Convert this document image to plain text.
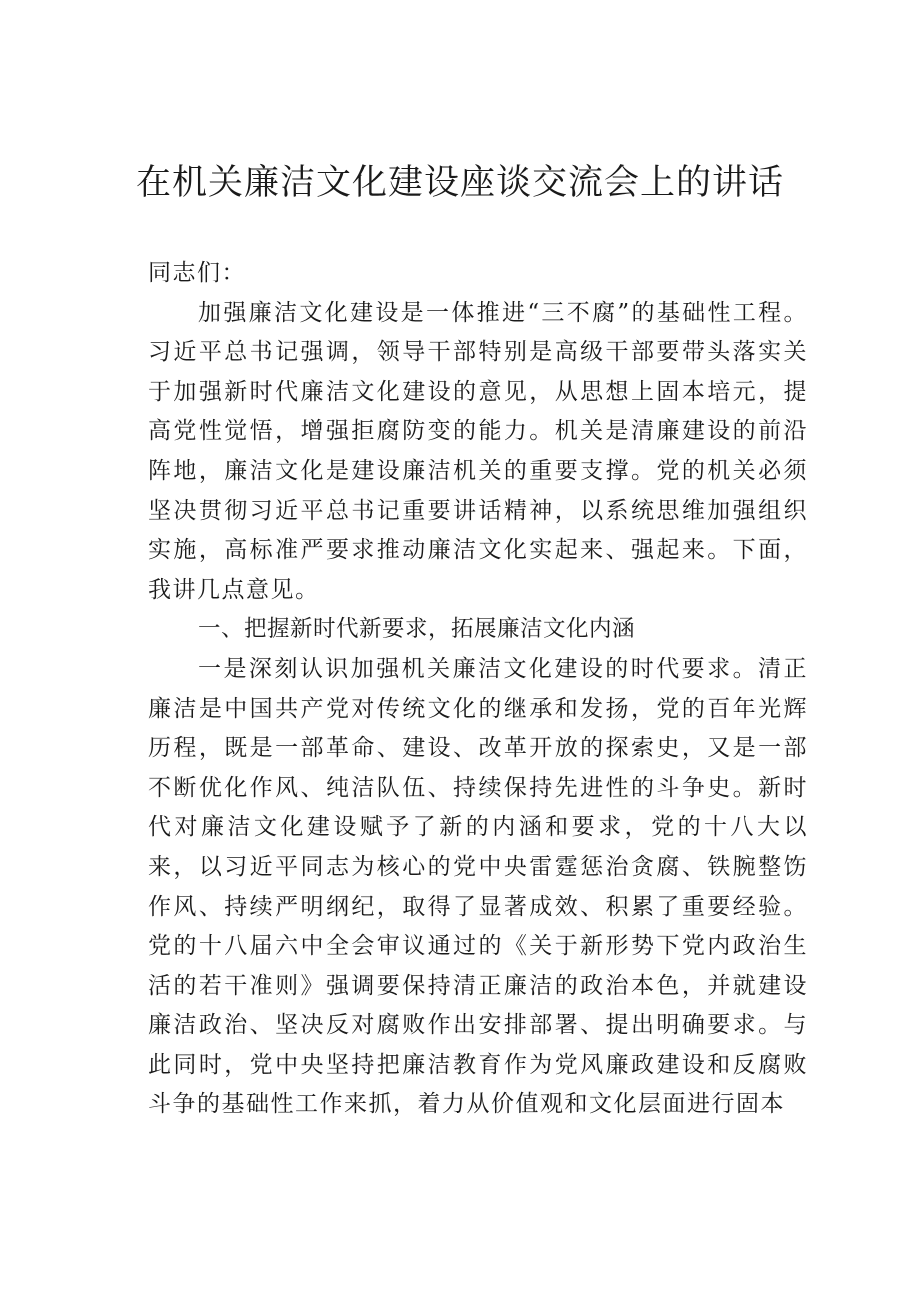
在机关廉洁文化建设座谈交流会上的讲话

同志们：

加强廉洁文化建设是一体推进“三不腐”的基础性工程。习近平总书记强调，领导干部特别是高级干部要带头落实关于加强新时代廉洁文化建设的意见，从思想上固本培元，提高党性觉悟，增强拒腐防变的能力。机关是清廉建设的前沿阵地，廉洁文化是建设廉洁机关的重要支撑。党的机关必须坚决贯彻习近平总书记重要讲话精神，以系统思维加强组织实施，高标准严要求推动廉洁文化实起来、强起来。下面，我讲几点意见。

一、把握新时代新要求，拓展廉洁文化内涵

一是深刻认识加强机关廉洁文化建设的时代要求。清正廉洁是中国共产党对传统文化的继承和发扬，党的百年光辉历程，既是一部革命、建设、改革开放的探索史，又是一部不断优化作风、纯洁队伍、持续保持先进性的斗争史。新时代对廉洁文化建设赋予了新的内涵和要求，党的十八大以来，以习近平同志为核心的党中央雷霆惩治贪腐、铁腕整饬作风、持续严明纲纪，取得了显著成效、积累了重要经验。党的十八届六中全会审议通过的《关于新形势下党内政治生活的若干准则》强调要保持清正廉洁的政治本色，并就建设廉洁政治、坚决反对腐败作出安排部署、提出明确要求。与此同时，党中央坚持把廉洁教育作为党风廉政建设和反腐败斗争的基础性工作来抓，着力从价值观和文化层面进行固本
